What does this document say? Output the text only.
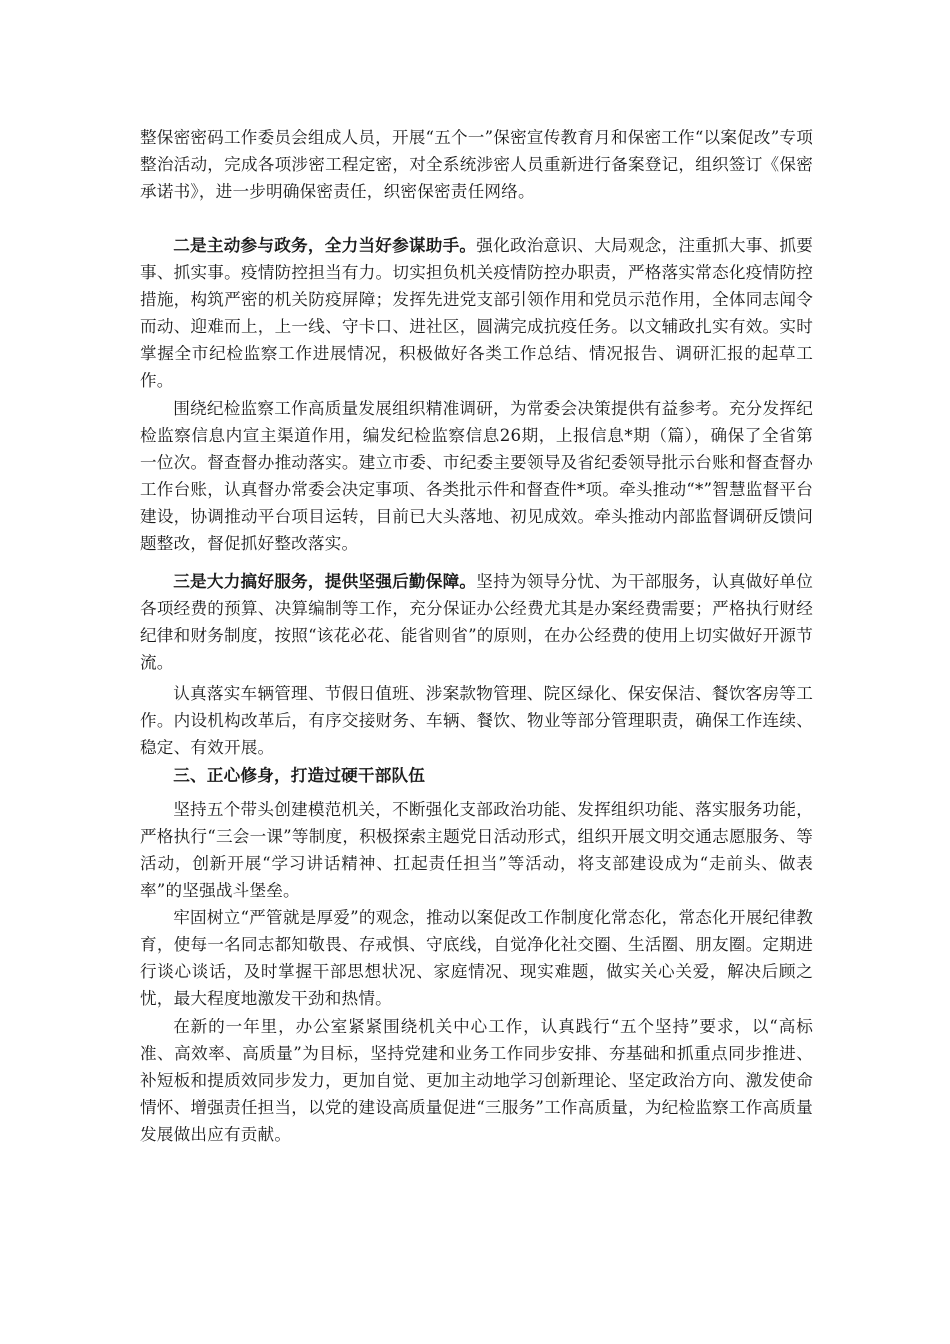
整保密密码工作委员会组成人员，开展“五个一”保密宣传教育月和保密工作“以案促改”专项整治活动，完成各项涉密工程定密，对全系统涉密人员重新进行备案登记，组织签订《保密承诺书》，进一步明确保密责任，织密保密责任网络。

二是主动参与政务，全力当好参谋助手。强化政治意识、大局观念，注重抓大事、抓要事、抓实事。疫情防控担当有力。切实担负机关疫情防控办职责，严格落实常态化疫情防控措施，构筑严密的机关防疫屏障；发挥先进党支部引领作用和党员示范作用，全体同志闻令而动、迎难而上，上一线、守卡口、进社区，圆满完成抗疫任务。以文辅政扎实有效。实时掌握全市纪检监察工作进展情况，积极做好各类工作总结、情况报告、调研汇报的起草工作。

围绕纪检监察工作高质量发展组织精准调研，为常委会决策提供有益参考。充分发挥纪检监察信息内宣主渠道作用，编发纪检监察信息26期，上报信息*期（篇），确保了全省第一位次。督查督办推动落实。建立市委、市纪委主要领导及省纪委领导批示台账和督查督办工作台账，认真督办常委会决定事项、各类批示件和督查件*项。牵头推动“*”智慧监督平台建设，协调推动平台项目运转，目前已大头落地、初见成效。牵头推动内部监督调研反馈问题整改，督促抓好整改落实。

三是大力搞好服务，提供坚强后勤保障。坚持为领导分忧、为干部服务，认真做好单位各项经费的预算、决算编制等工作，充分保证办公经费尤其是办案经费需要；严格执行财经纪律和财务制度，按照“该花必花、能省则省”的原则，在办公经费的使用上切实做好开源节流。

认真落实车辆管理、节假日值班、涉案款物管理、院区绿化、保安保洁、餐饮客房等工作。内设机构改革后，有序交接财务、车辆、餐饮、物业等部分管理职责，确保工作连续、稳定、有效开展。

三、正心修身，打造过硬干部队伍

坚持五个带头创建模范机关，不断强化支部政治功能、发挥组织功能、落实服务功能，严格执行“三会一课”等制度，积极探索主题党日活动形式，组织开展文明交通志愿服务、等活动，创新开展“学习讲话精神、扛起责任担当”等活动，将支部建设成为“走前头、做表率”的坚强战斗堡垒。

牢固树立“严管就是厚爱”的观念，推动以案促改工作制度化常态化，常态化开展纪律教育，使每一名同志都知敬畏、存戒惧、守底线，自觉净化社交圈、生活圈、朋友圈。定期进行谈心谈话，及时掌握干部思想状况、家庭情况、现实难题，做实关心关爱，解决后顾之忧，最大程度地激发干劲和热情。

在新的一年里，办公室紧紧围绕机关中心工作，认真践行“五个坚持”要求，以“高标准、高效率、高质量”为目标，坚持党建和业务工作同步安排、夯基础和抓重点同步推进、补短板和提质效同步发力，更加自觉、更加主动地学习创新理论、坚定政治方向、激发使命情怀、增强责任担当，以党的建设高质量促进“三服务”工作高质量，为纪检监察工作高质量发展做出应有贡献。
